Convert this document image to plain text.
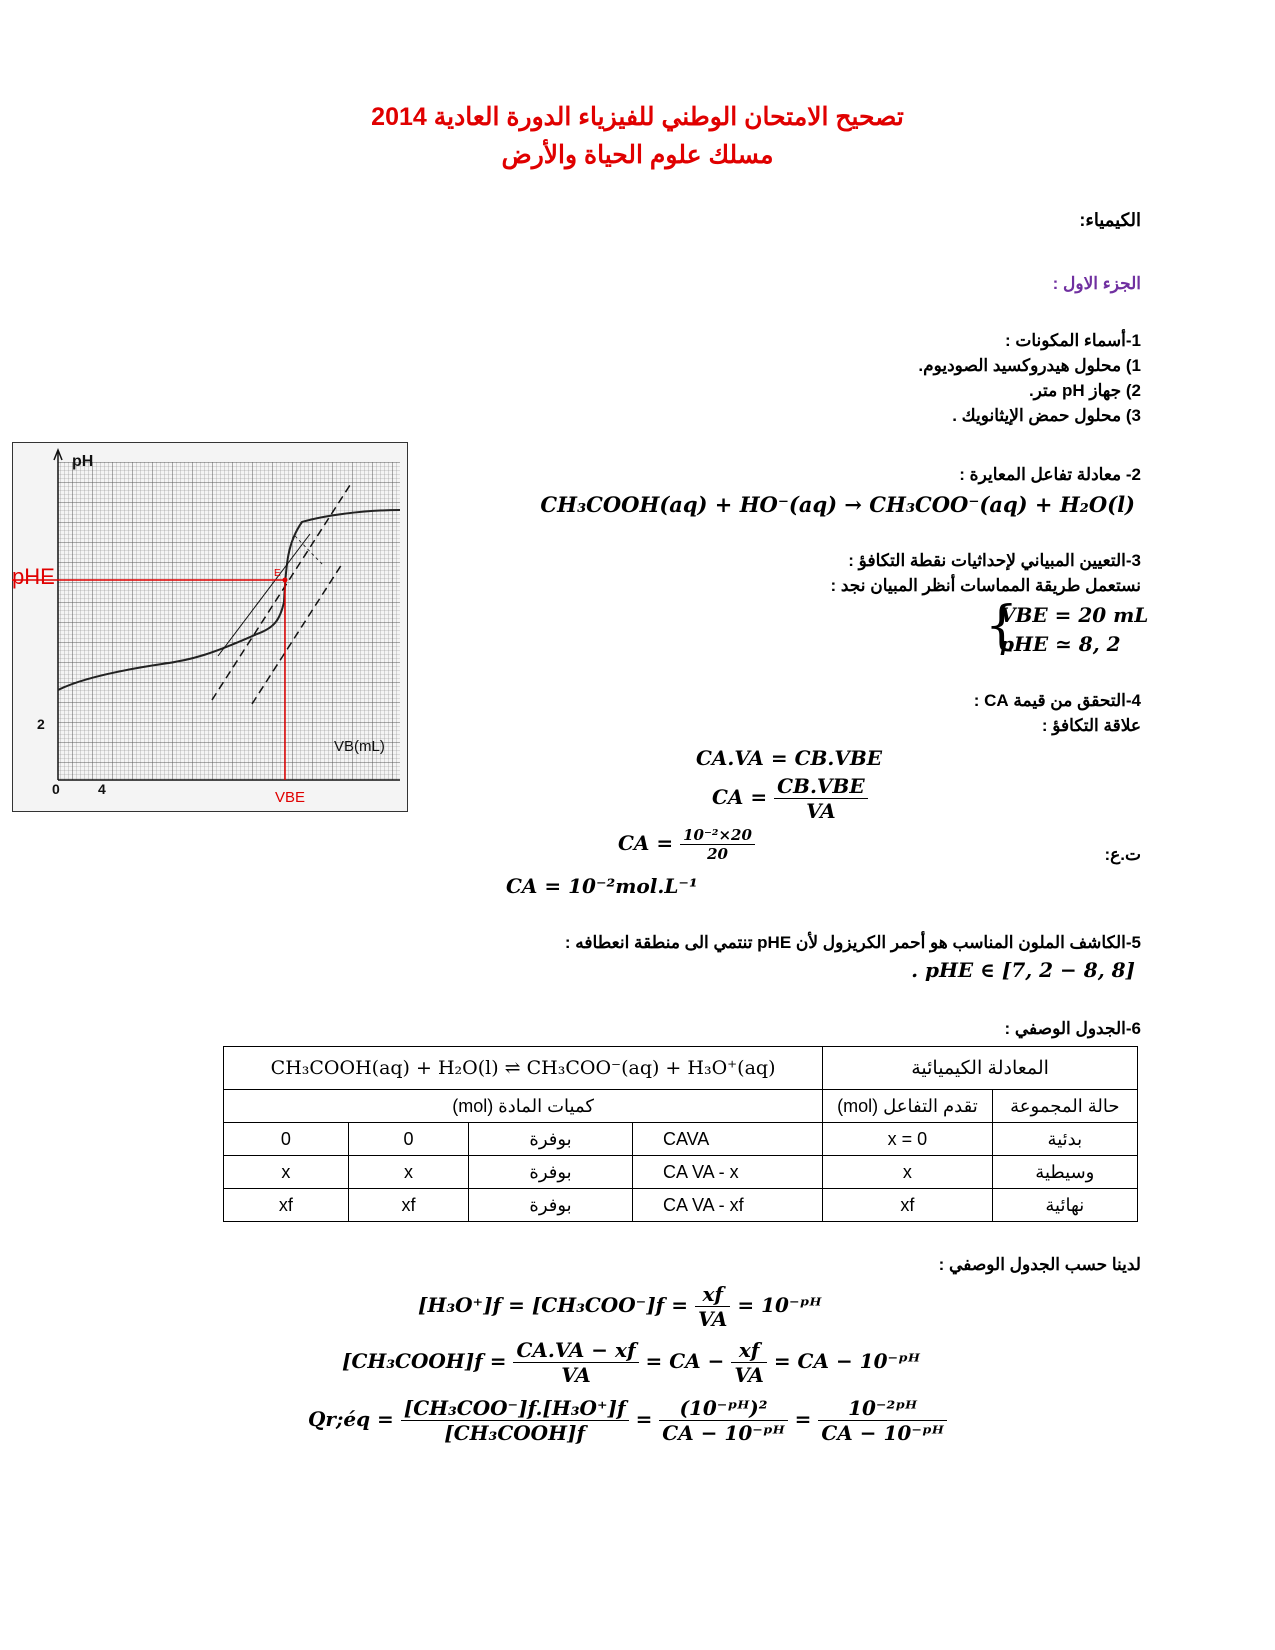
تصحيح الامتحان الوطني للفيزياء الدورة العادية 2014
مسلك علوم الحياة والأرض
الكيمياء:
الجزء الاول :
1-أسماء المكونات :
1) محلول هيدروكسيد الصوديوم.
2) جهاز pH متر.
3) محلول حمض الإيثانويك .
2- معادلة تفاعل المعايرة :
CH₃COOH(aq) + HO⁻(aq) → CH₃COO⁻(aq) + H₂O(l)
3-التعيين المبياني لإحداثيات نقطة التكافؤ :
نستعمل طريقة المماسات أنظر المبيان نجد :
{
VBE = 20 mL
pHE ≃ 8, 2
4-التحقق من قيمة CA :
علاقة التكافؤ :
CA.VA = CB.VBE
CA = $\frac{\text{CB.VBE}}{VA}$
ت.ع:
CA = $\frac{\text{10⁻²×20}}{20}$
CA = 10⁻²mol.L⁻¹
5-الكاشف الملون المناسب هو أحمر الكريزول لأن pHE تنتمي الى منطقة انعطافه :
. pHE ∈ [7, 2 − 8, 8]
6-الجدول الوصفي :
CH₃COOH(aq) + H₂O(l) ⇌ CH₃COO⁻(aq) + H₃O⁺(aq)				المعادلة الكيميائية	
كميات المادة (mol)				تقدم التفاعل (mol)	حالة المجموعة
0	0	بوفرة	CAVA	x = 0	بدئية
x	x	بوفرة	CA VA - x	x	وسيطية
xf	xf	بوفرة	CA VA - xf	xf	نهائية
لدينا حسب الجدول الوصفي :
$[H_3O^+]f = [CH_3COO^-]f = \frac{xf}{VA}$ = 10⁻ᵖᴴ
[CH₃COOH]f = $\frac{CA.VA - xf}{VA}$ = CA − $\frac{xf}{VA}$ = CA − 10⁻ᵖᴴ
Qr;éq = $\frac{\text{[CH₃COO⁻]f.[H₃O⁺]f}}{\text{[CH₃COOH]f}} = \frac{\text{(10⁻ᵖᴴ)²}}{\text{CA − 10⁻ᵖᴴ}} = \frac{\text{10⁻²ᵖᴴ}}{\text{CA − 10⁻ᵖᴴ}}$
pH
pHE
2
VB(mL)
0	4	VBE
E
